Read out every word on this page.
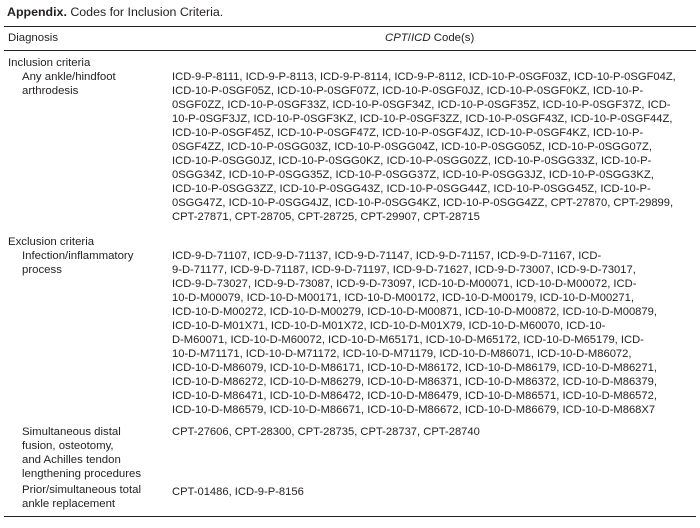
Appendix. Codes for Inclusion Criteria.
Diagnosis	CPT/ICD Code(s)
Inclusion criteria
Any ankle/hindfoot
arthrodesis
ICD-9-P-8111, ICD-9-P-8113, ICD-9-P-8114, ICD-9-P-8112, ICD-10-P-0SGF03Z, ICD-10-P-0SGF04Z,
ICD-10-P-0SGF05Z, ICD-10-P-0SGF07Z, ICD-10-P-0SGF0JZ, ICD-10-P-0SGF0KZ, ICD-10-P-
0SGF0ZZ, ICD-10-P-0SGF33Z, ICD-10-P-0SGF34Z, ICD-10-P-0SGF35Z, ICD-10-P-0SGF37Z, ICD-
10-P-0SGF3JZ, ICD-10-P-0SGF3KZ, ICD-10-P-0SGF3ZZ, ICD-10-P-0SGF43Z, ICD-10-P-0SGF44Z,
ICD-10-P-0SGF45Z, ICD-10-P-0SGF47Z, ICD-10-P-0SGF4JZ, ICD-10-P-0SGF4KZ, ICD-10-P-
0SGF4ZZ, ICD-10-P-0SGG03Z, ICD-10-P-0SGG04Z, ICD-10-P-0SGG05Z, ICD-10-P-0SGG07Z,
ICD-10-P-0SGG0JZ, ICD-10-P-0SGG0KZ, ICD-10-P-0SGG0ZZ, ICD-10-P-0SGG33Z, ICD-10-P-
0SGG34Z, ICD-10-P-0SGG35Z, ICD-10-P-0SGG37Z, ICD-10-P-0SGG3JZ, ICD-10-P-0SGG3KZ,
ICD-10-P-0SGG3ZZ, ICD-10-P-0SGG43Z, ICD-10-P-0SGG44Z, ICD-10-P-0SGG45Z, ICD-10-P-
0SGG47Z, ICD-10-P-0SGG4JZ, ICD-10-P-0SGG4KZ, ICD-10-P-0SGG4ZZ, CPT-27870, CPT-29899,
CPT-27871, CPT-28705, CPT-28725, CPT-29907, CPT-28715
Exclusion criteria
Infection/inflammatory
process
ICD-9-D-71107, ICD-9-D-71137, ICD-9-D-71147, ICD-9-D-71157, ICD-9-D-71167, ICD-
9-D-71177, ICD-9-D-71187, ICD-9-D-71197, ICD-9-D-71627, ICD-9-D-73007, ICD-9-D-73017,
ICD-9-D-73027, ICD-9-D-73087, ICD-9-D-73097, ICD-10-D-M00071, ICD-10-D-M00072, ICD-
10-D-M00079, ICD-10-D-M00171, ICD-10-D-M00172, ICD-10-D-M00179, ICD-10-D-M00271,
ICD-10-D-M00272, ICD-10-D-M00279, ICD-10-D-M00871, ICD-10-D-M00872, ICD-10-D-M00879,
ICD-10-D-M01X71, ICD-10-D-M01X72, ICD-10-D-M01X79, ICD-10-D-M60070, ICD-10-
D-M60071, ICD-10-D-M60072, ICD-10-D-M65171, ICD-10-D-M65172, ICD-10-D-M65179, ICD-
10-D-M71171, ICD-10-D-M71172, ICD-10-D-M71179, ICD-10-D-M86071, ICD-10-D-M86072,
ICD-10-D-M86079, ICD-10-D-M86171, ICD-10-D-M86172, ICD-10-D-M86179, ICD-10-D-M86271,
ICD-10-D-M86272, ICD-10-D-M86279, ICD-10-D-M86371, ICD-10-D-M86372, ICD-10-D-M86379,
ICD-10-D-M86471, ICD-10-D-M86472, ICD-10-D-M86479, ICD-10-D-M86571, ICD-10-D-M86572,
ICD-10-D-M86579, ICD-10-D-M86671, ICD-10-D-M86672, ICD-10-D-M86679, ICD-10-D-M868X7
Simultaneous distal
fusion, osteotomy,
and Achilles tendon
lengthening procedures
CPT-27606, CPT-28300, CPT-28735, CPT-28737, CPT-28740
Prior/simultaneous total
ankle replacement
CPT-01486, ICD-9-P-8156
